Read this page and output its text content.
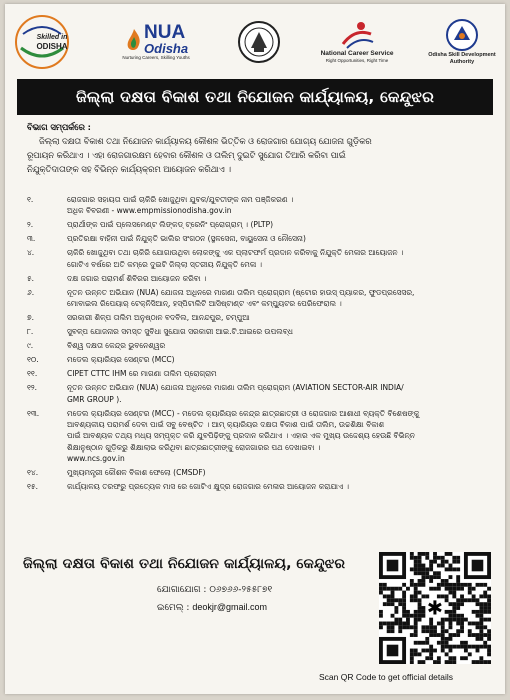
Skilled in
ODISHA
NUA
Odisha
Nurturing Careers, Skilling Youths
National Career Service
Right Opportunities, Right Time
Odisha Skill Development Authority
ଜିଲ୍ଲା ଦକ୍ଷତା ବିକାଶ ତଥା ନିଯୋଜନ କାର୍ଯ୍ୟାଳୟ, କେନ୍ଦୁଝର
ବିଭାଗ ସମ୍ପର୍କରେ :

ଜିଲ୍ଲା ଦକ୍ଷତା ବିକାଶ ତଥା ନିଯୋଜନ କାର୍ଯ୍ୟାଳୟ କୌଶଳ ଭିତ୍ତିକ ଓ ରୋଜଗାର ଯୋଗ୍ୟ ଯୋଜନା ଗୁଡ଼ିକର

ରୂପାୟନ କରିଥାଏ । ଏହା ରୋଜଗାରକ୍ଷମ ହେବାର କୌଶଳ ଓ ତାଲିମ୍ ଦୁଇଟି ସୁଯୋଗ ତିଆରି କରିବା ପାଇଁ
ନିଯୁକ୍ତିଦାତାଙ୍କ ସହ ବିଭିନ୍ନ କାର୍ଯ୍ୟକ୍ରମ ଆୟୋଜନ କରିଥାଏ ।
୧.	ରୋଜଗାର ସହାୟତା ପାଇଁ ଚାକିରି ଖୋଜୁଥିବା ଯୁବକ/ଯୁବତୀଙ୍କ ନାମ ପଞ୍ଜିକରଣ ।
ଅଧିକ ବିବରଣୀ - www.empmissionodisha.gov.in
୨.	ପ୍ରାର୍ଥୀଙ୍କ ପାଇଁ ପ୍ଲେସମେଣ୍ଟ ଲିଙ୍କଡ୍ ଟ୍ରେନିଂ ପ୍ରୋଗ୍ରାମ୍ । (PLTP)
୩.	ପ୍ରତିରକ୍ଷା ବାହିନୀ ପାଇଁ ନିଯୁକ୍ତି ଭାଲିର ସଂଗଠନ (ସ୍ଥଳସେନା, ବାୟୁସେନା ଓ ନୌସେନା)
୪.	ଚାକିରି ଖୋଜୁଥିବା ତଥା ଚାକିରି ଯୋଗାଉଥିବା ଲୋକଙ୍କୁ ଏକ ପ୍ଲାଟଫର୍ମ ପ୍ରଦାନ କରିବାକୁ ନିଯୁକ୍ତି ମେଳାର ଆୟୋଜନ ।
ଗୋଟିଏ ବର୍ଷରେ ଅତି କମ୍‌ରେ ଦୁଇଟି ଜିଲ୍ଲା ସ୍ତରୀୟ ନିଯୁକ୍ତି ମେଳା ।
୫.	ଦକ୍ଷ ଜଗାର ପରାମର୍ଶ ଶିବିରର ଆୟୋଜନ କରିବା ।
୬.	ନୂତନ ଉନ୍ନତ ଅଭିଯାନ (NUA) ଯୋଜନା ଅଧିନରେ ମାଗଣା ତାଲିମ ପ୍ରୋଗ୍ରାମ (ଷ୍ଟୋର ହାଉସ୍ ପ୍ୟାକର, ଫୁଡପ୍ରସେସର,
ମୋବାଇଲ ରିପେୟାର୍ ଟେକ୍ନିସିଆନ୍, ହସ୍ପିଟାଲିଟି ଆସିଷ୍ଟାଣ୍ଟ ଏବଂ କମ୍ପ୍ୟୁଟର ପେରିଫେରାଲ ।
୭.	ସରକାରୀ ଶିଳ୍ପ ତାଲିମ ଅନୁଷ୍ଠାନ ବଦବିଲ, ଆନନ୍ଦପୁର, ଚମ୍ପୁଆ
୮.	ସୁବଳ୍ପ ଯୋଜନାର ସମସ୍ତ ସୁବିଧା ସୁଯୋଗ ସରକାରୀ ଆଇ.ଟି.ଆଇରେ ଉପଲବ୍ଧ
୯.	ବିଶ୍ୱ ଦକ୍ଷତା କେନ୍ଦ୍ର ଭୁବନେଶ୍ୱର
୧୦.	ମଡେଲ କ୍ୟାରିୟର ସେଣ୍ଟର (MCC)
୧୧.	CIPET CTTC IHM ରେ ମାଗଣା ତାଲିମ ପ୍ରୋଗ୍ରାମ
୧୨.	ନୂତନ ଉନ୍ନତ ଅଭିଯାନ (NUA) ଯୋଜନା ଅଧିନରେ ମାଗଣା ତାଲିମ ପ୍ରୋଗ୍ରାମ (AVIATION SECTOR-AIR INDIA/
GMR GROUP ).
୧୩.	ମଡେଲ କ୍ୟାରିୟର ସେଣ୍ଟର (MCC) - ମଡେଲ କ୍ୟାରିୟର କେନ୍ଦ୍ର ଛାତ୍ରଛାତ୍ରୀ ଓ ରୋଜଗାର ଆଶାଧୀ ବ୍ୟକ୍ତି ବିଶେଷଙ୍କୁ
ଆବଶ୍ୟକୀୟ ପରାମର୍ଶ ଦେବା ପାଇଁ ସବୁ ବେଷ୍ଟିତ । ଆମ୍ କ୍ୟାରିୟର ଦକ୍ଷତା ବିକାଶ ପାଇଁ ତାଲିମ, ଉଚ୍ଚଶିକ୍ଷା ବିକାଶ
ପାଇଁ ଆବଶ୍ୟକ ତଥ୍ୟ ମଧ୍ୟ ସମ୍ପୃକ୍ତ କରି ଯୁବପିଢ଼ିଙ୍କୁ ପ୍ରଦାନ କରିଥାଏ । ଏହାର ଏକ ମୁଖ୍ୟ ଉଦ୍ଦେଶ୍ୟ ହେଉଛି ବିଭିନ୍ନ
ଶିକ୍ଷାନୁଷ୍ଠାନ ଗୁଡ଼ିକରୁ ଶିକ୍ଷାଲାଭ କରିଥିବା ଛାତ୍ରଛାତ୍ରୀଙ୍କୁ ରୋଜଗାରର ପଥ ଦେଖାଇବା ।
www.ncs.gov.in
୧୪.	ମୁଖ୍ୟମନ୍ତ୍ରୀ କୌଶଳ ବିକାଶ ଫେଲୋ (CMSDF)
୧୫.	କାର୍ଯ୍ୟାଳୟ ତରଫରୁ ପ୍ରତ୍ୟେକ ମାସ ରେ ଗୋଟିଏ କ୍ଷୁଦ୍ର ରୋଜଗାର ମେଳାର ଆୟୋଜନ କରାଯାଏ ।
ଜିଲ୍ଲା ଦକ୍ଷତା ବିକାଶ ତଥା ନିଯୋଜନ କାର୍ଯ୍ୟାଳୟ, କେନ୍ଦୁଝର
ଯୋଗାଯୋଗ : ୦୬୭୬୬-୨୫୫୮୭୧
ଇମେଲ୍ : deokjr@gmail.com	✱
Scan QR Code to get official details
